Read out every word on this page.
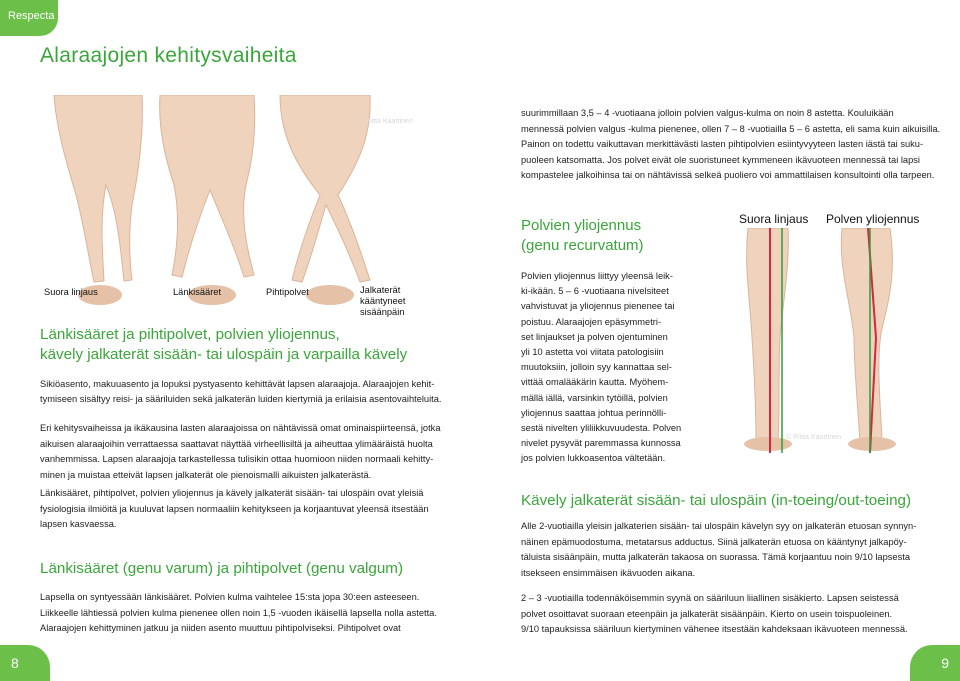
Respecta
Alaraajojen kehitysvaiheita
Riitta Kaartinen
Suora linjaus	Länkisääret	Pihtipolvet	Jalkaterät
kääntyneet
sisäänpäin
suurimmillaan 3,5 – 4 -vuotiaana jolloin polvien valgus-kulma on noin 8 astetta. Kouluikään
mennessä polvien valgus -kulma pienenee, ollen 7 – 8 -vuotiailla 5 – 6 astetta, eli sama kuin aikuisilla.
Painon on todettu vaikuttavan merkittävästi lasten pihtipolvien esiintyvyyteen lasten iästä tai suku-
puoleen katsomatta. Jos polvet eivät ole suoristuneet kymmeneen ikävuoteen mennessä tai lapsi
kompastelee jalkoihinsa tai on nähtävissä selkeä puoliero voi ammattilaisen konsultointi olla tarpeen.
Polvien yliojennus
(genu recurvatum)
Suora linjaus Polven yliojennus
© Riitta Kaartinen
Polvien yliojennus liittyy yleensä leik-
ki-ikään. 5 – 6 -vuotiaana nivelsiteet
vahvistuvat ja yliojennus pienenee tai
poistuu. Alaraajojen epäsymmetri-
set linjaukset ja polven ojentuminen
yli 10 astetta voi viitata patologisiin
muutoksiin, jolloin syy kannattaa sel-
vittää omalääkärin kautta. Myöhem-
mällä iällä, varsinkin tytöillä, polvien
yliojennus saattaa johtua perinnölli-
sestä nivelten yliliikkuvuudesta. Polven
nivelet pysyvät paremmassa kunnossa
jos polvien lukkoasentoa vältetään.
Länkisääret ja pihtipolvet, polvien yliojennus,
kävely jalkaterät sisään- tai ulospäin ja varpailla kävely
Sikiöasento, makuuasento ja lopuksi pystyasento kehittävät lapsen alaraajoja. Alaraajojen kehit-
tymiseen sisältyy reisi- ja sääriluiden sekä jalkaterän luiden kiertymiä ja erilaisia asentovaihteluita.
Eri kehitysvaiheissa ja ikäkausina lasten alaraajoissa on nähtävissä omat ominaispiirteensä, jotka
aikuisen alaraajoihin verrattaessa saattavat näyttää virheellisiltä ja aiheuttaa ylimääräistä huolta
vanhemmissa. Lapsen alaraajoja tarkastellessa tulisikin ottaa huomioon niiden normaali kehitty-
minen ja muistaa etteivät lapsen jalkaterät ole pienoismalli aikuisten jalkaterästä.
Länkisääret, pihtipolvet, polvien yliojennus ja kävely jalkaterät sisään- tai ulospäin ovat yleisiä
fysiologisia ilmiöitä ja kuuluvat lapsen normaaliin kehitykseen ja korjaantuvat yleensä itsestään
lapsen kasvaessa.
Länkisääret (genu varum) ja pihtipolvet (genu valgum)
Lapsella on syntyessään länkisääret. Polvien kulma vaihtelee 15:sta jopa 30:een asteeseen.
Liikkeelle lähtiessä polvien kulma pienenee ollen noin 1,5 -vuoden ikäisellä lapsella nolla astetta.
Alaraajojen kehittyminen jatkuu ja niiden asento muuttuu pihtipolviseksi. Pihtipolvet ovat
Kävely jalkaterät sisään- tai ulospäin (in-toeing/out-toeing)
Alle 2-vuotiailla yleisin jalkaterien sisään- tai ulospäin kävelyn syy on jalkaterän etuosan synnyn-
näinen epämuodostuma, metatarsus adductus. Siinä jalkaterän etuosa on kääntynyt jalkapöy-
täluista sisäänpäin, mutta jalkaterän takaosa on suorassa. Tämä korjaantuu noin 9/10 lapsesta
itsekseen ensimmäisen ikävuoden aikana.
2 – 3 -vuotiailla todennäköisemmin syynä on sääriluun liiallinen sisäkierto. Lapsen seistessä
polvet osoittavat suoraan eteenpäin ja jalkaterät sisäänpäin. Kierto on usein toispuoleinen.
9/10 tapauksissa sääriluun kiertyminen vähenee itsestään kahdeksaan ikävuoteen mennessä.
8	9
